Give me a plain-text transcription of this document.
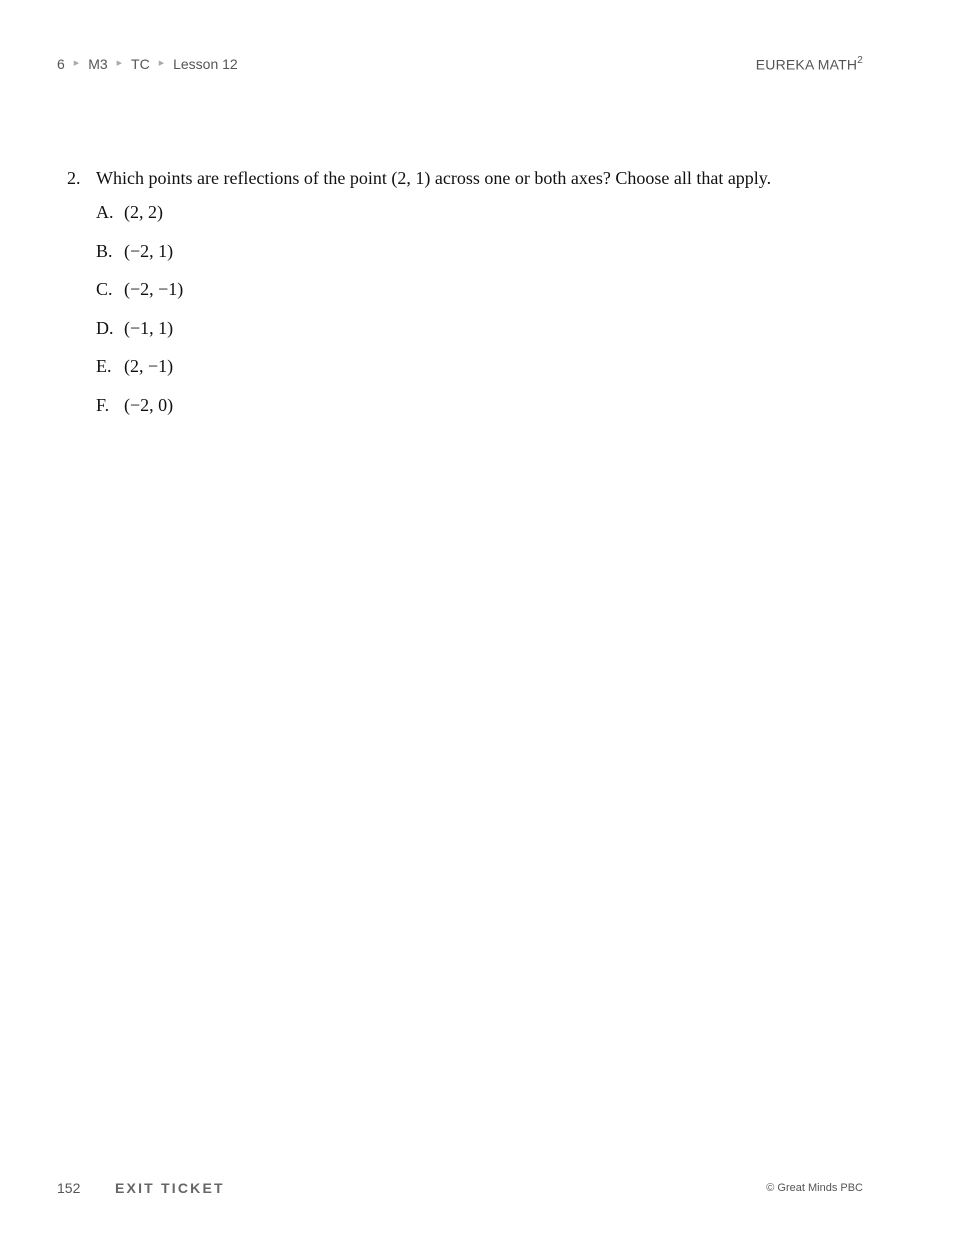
6 ▶ M3 ▶ TC ▶ Lesson 12	EUREKA MATH$^2$
2. Which points are reflections of the point (2, 1) across one or both axes? Choose all that apply.
A. (2, 2)
B. (−2, 1)
C. (−2, −1)
D. (−1, 1)
E. (2, −1)
F. (−2, 0)
152	EXIT TICKET	© Great Minds PBC
